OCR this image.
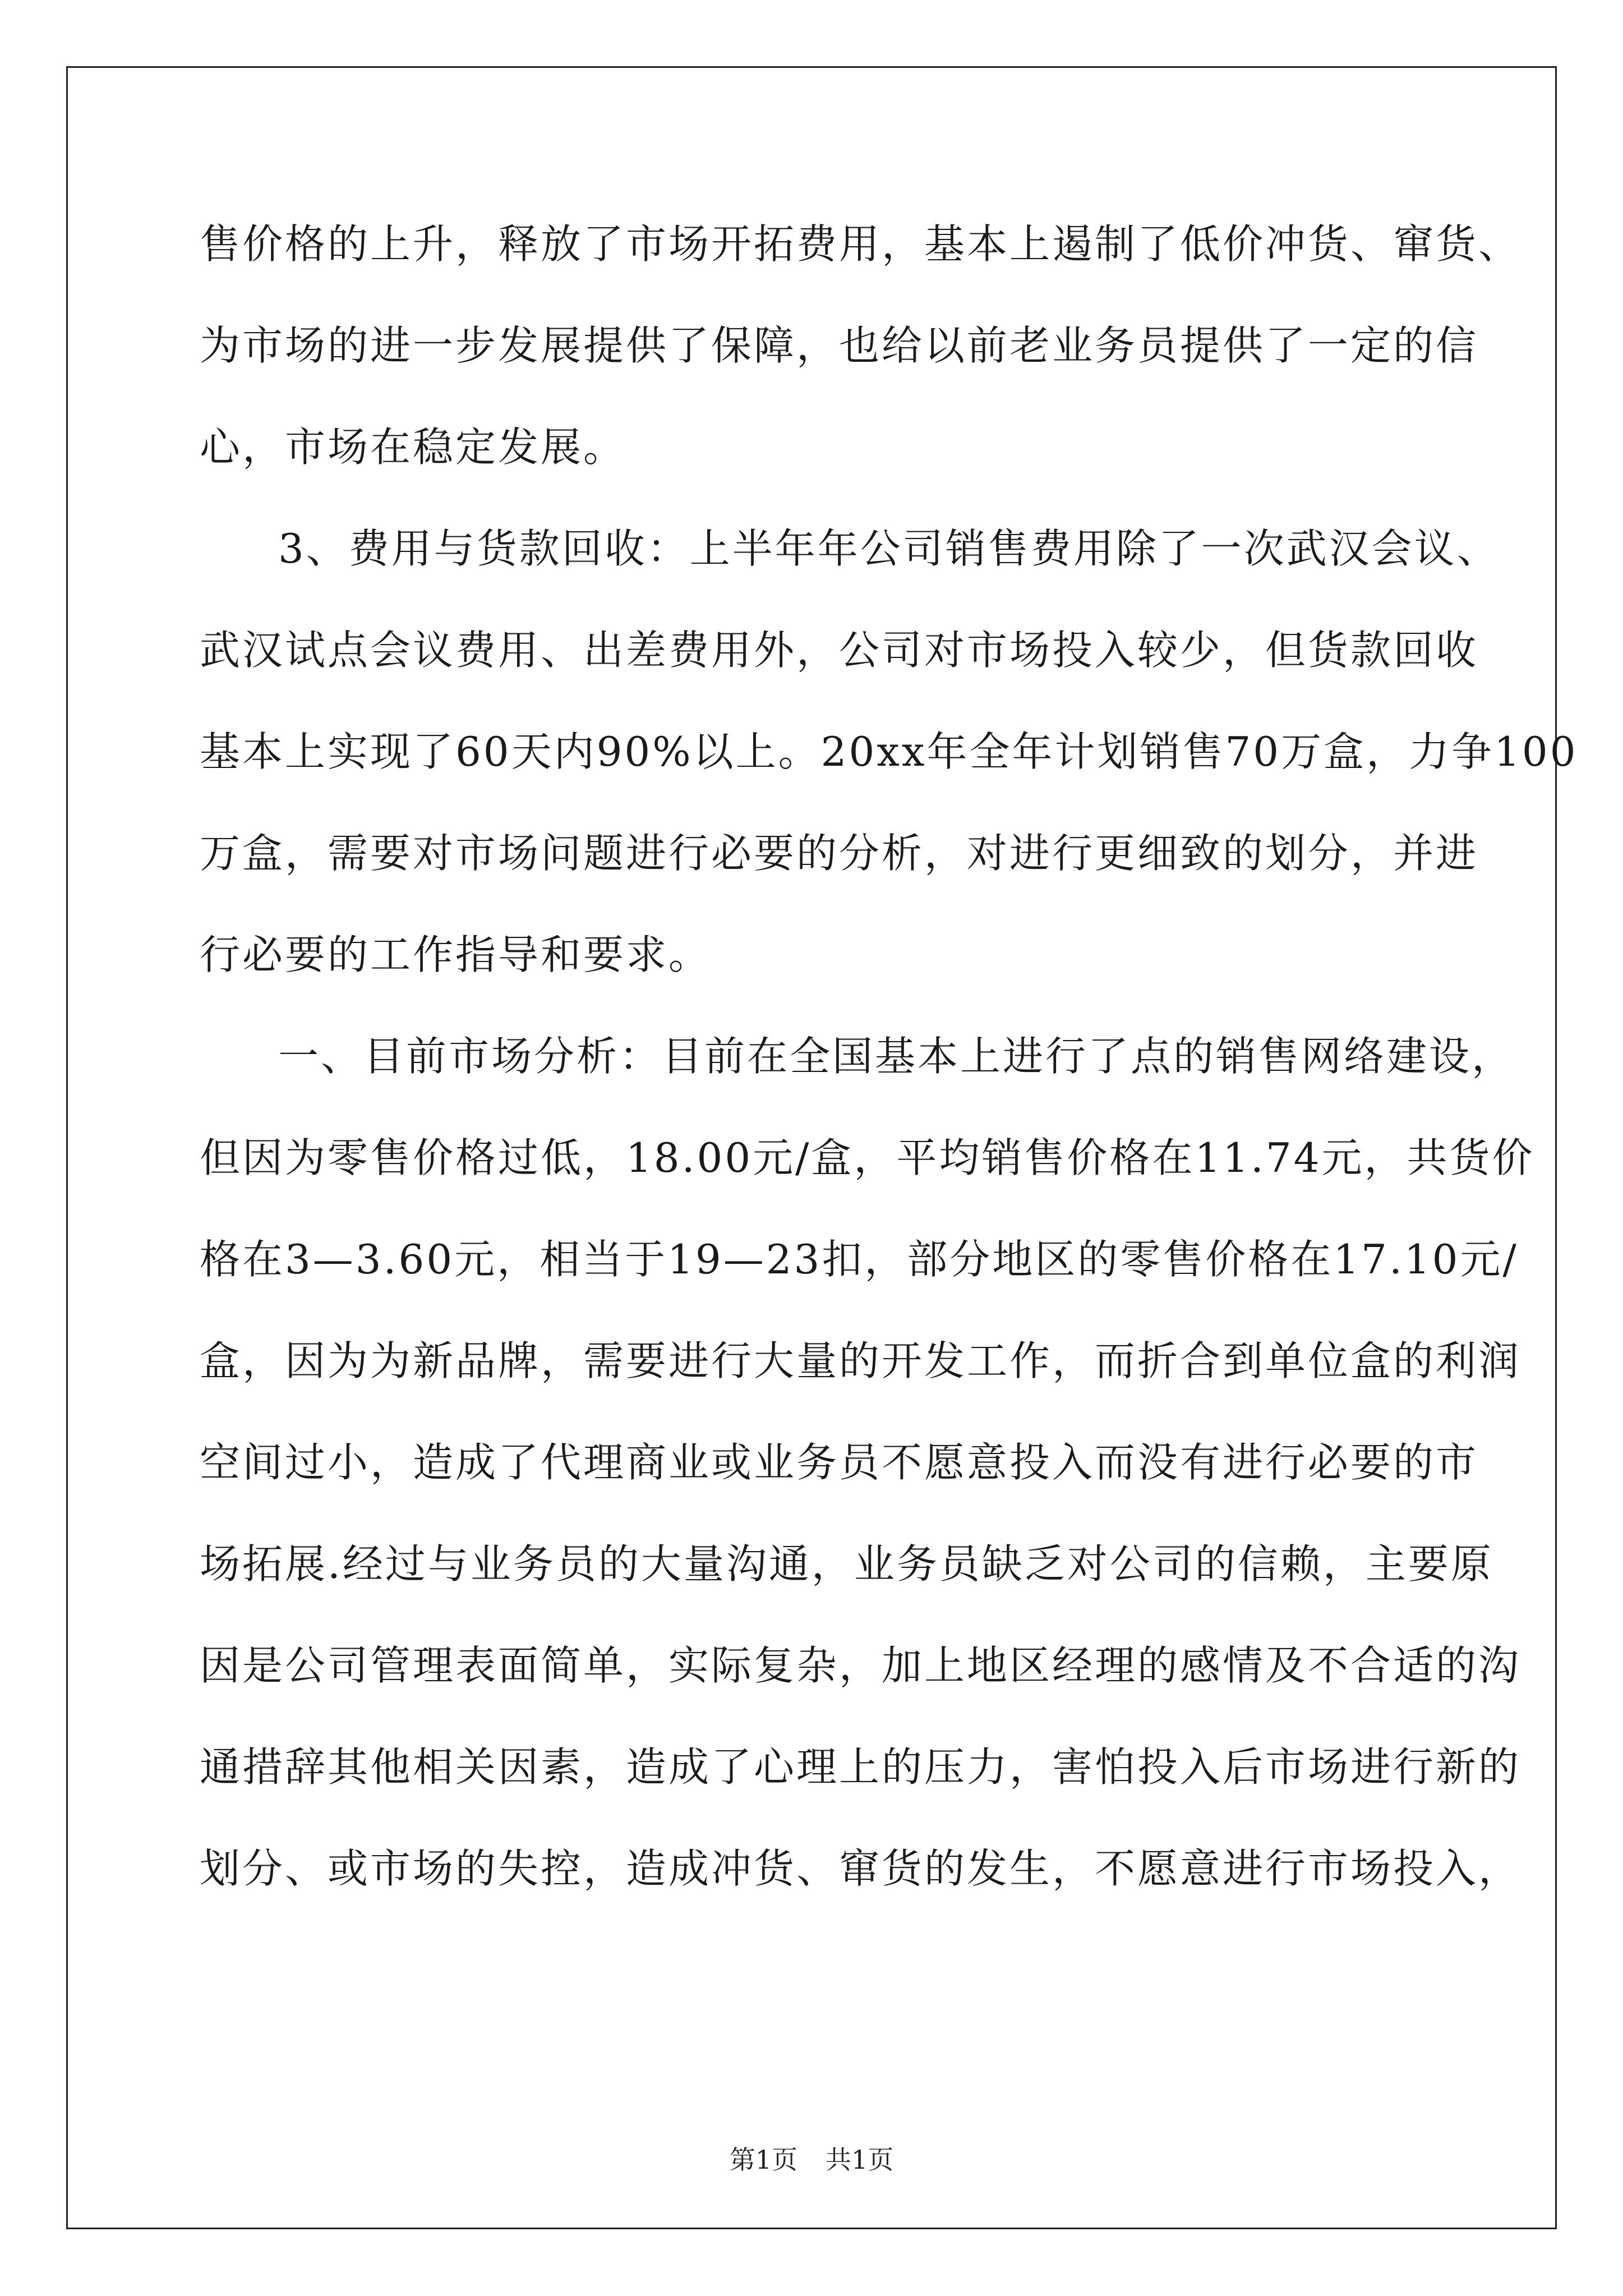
售价格的上升，释放了市场开拓费用，基本上遏制了低价冲货、窜货、
为市场的进一步发展提供了保障，也给以前老业务员提供了一定的信
心，市场在稳定发展。
3、费用与货款回收：上半年年公司销售费用除了一次武汉会议、
武汉试点会议费用、出差费用外，公司对市场投入较少，但货款回收
基本上实现了60天内90%以上。20xx年全年计划销售70万盒，力争100
万盒，需要对市场问题进行必要的分析，对进行更细致的划分，并进
行必要的工作指导和要求。
一、目前市场分析：目前在全国基本上进行了点的销售网络建设，
但因为零售价格过低，18.00元/盒，平均销售价格在11.74元，共货价
格在3—3.60元，相当于19—23扣，部分地区的零售价格在17.10元/
盒，因为为新品牌，需要进行大量的开发工作，而折合到单位盒的利润
空间过小，造成了代理商业或业务员不愿意投入而没有进行必要的市
场拓展.经过与业务员的大量沟通，业务员缺乏对公司的信赖，主要原
因是公司管理表面简单，实际复杂，加上地区经理的感情及不合适的沟
通措辞其他相关因素，造成了心理上的压力，害怕投入后市场进行新的
划分、或市场的失控，造成冲货、窜货的发生，不愿意进行市场投入，
第1页 共1页
